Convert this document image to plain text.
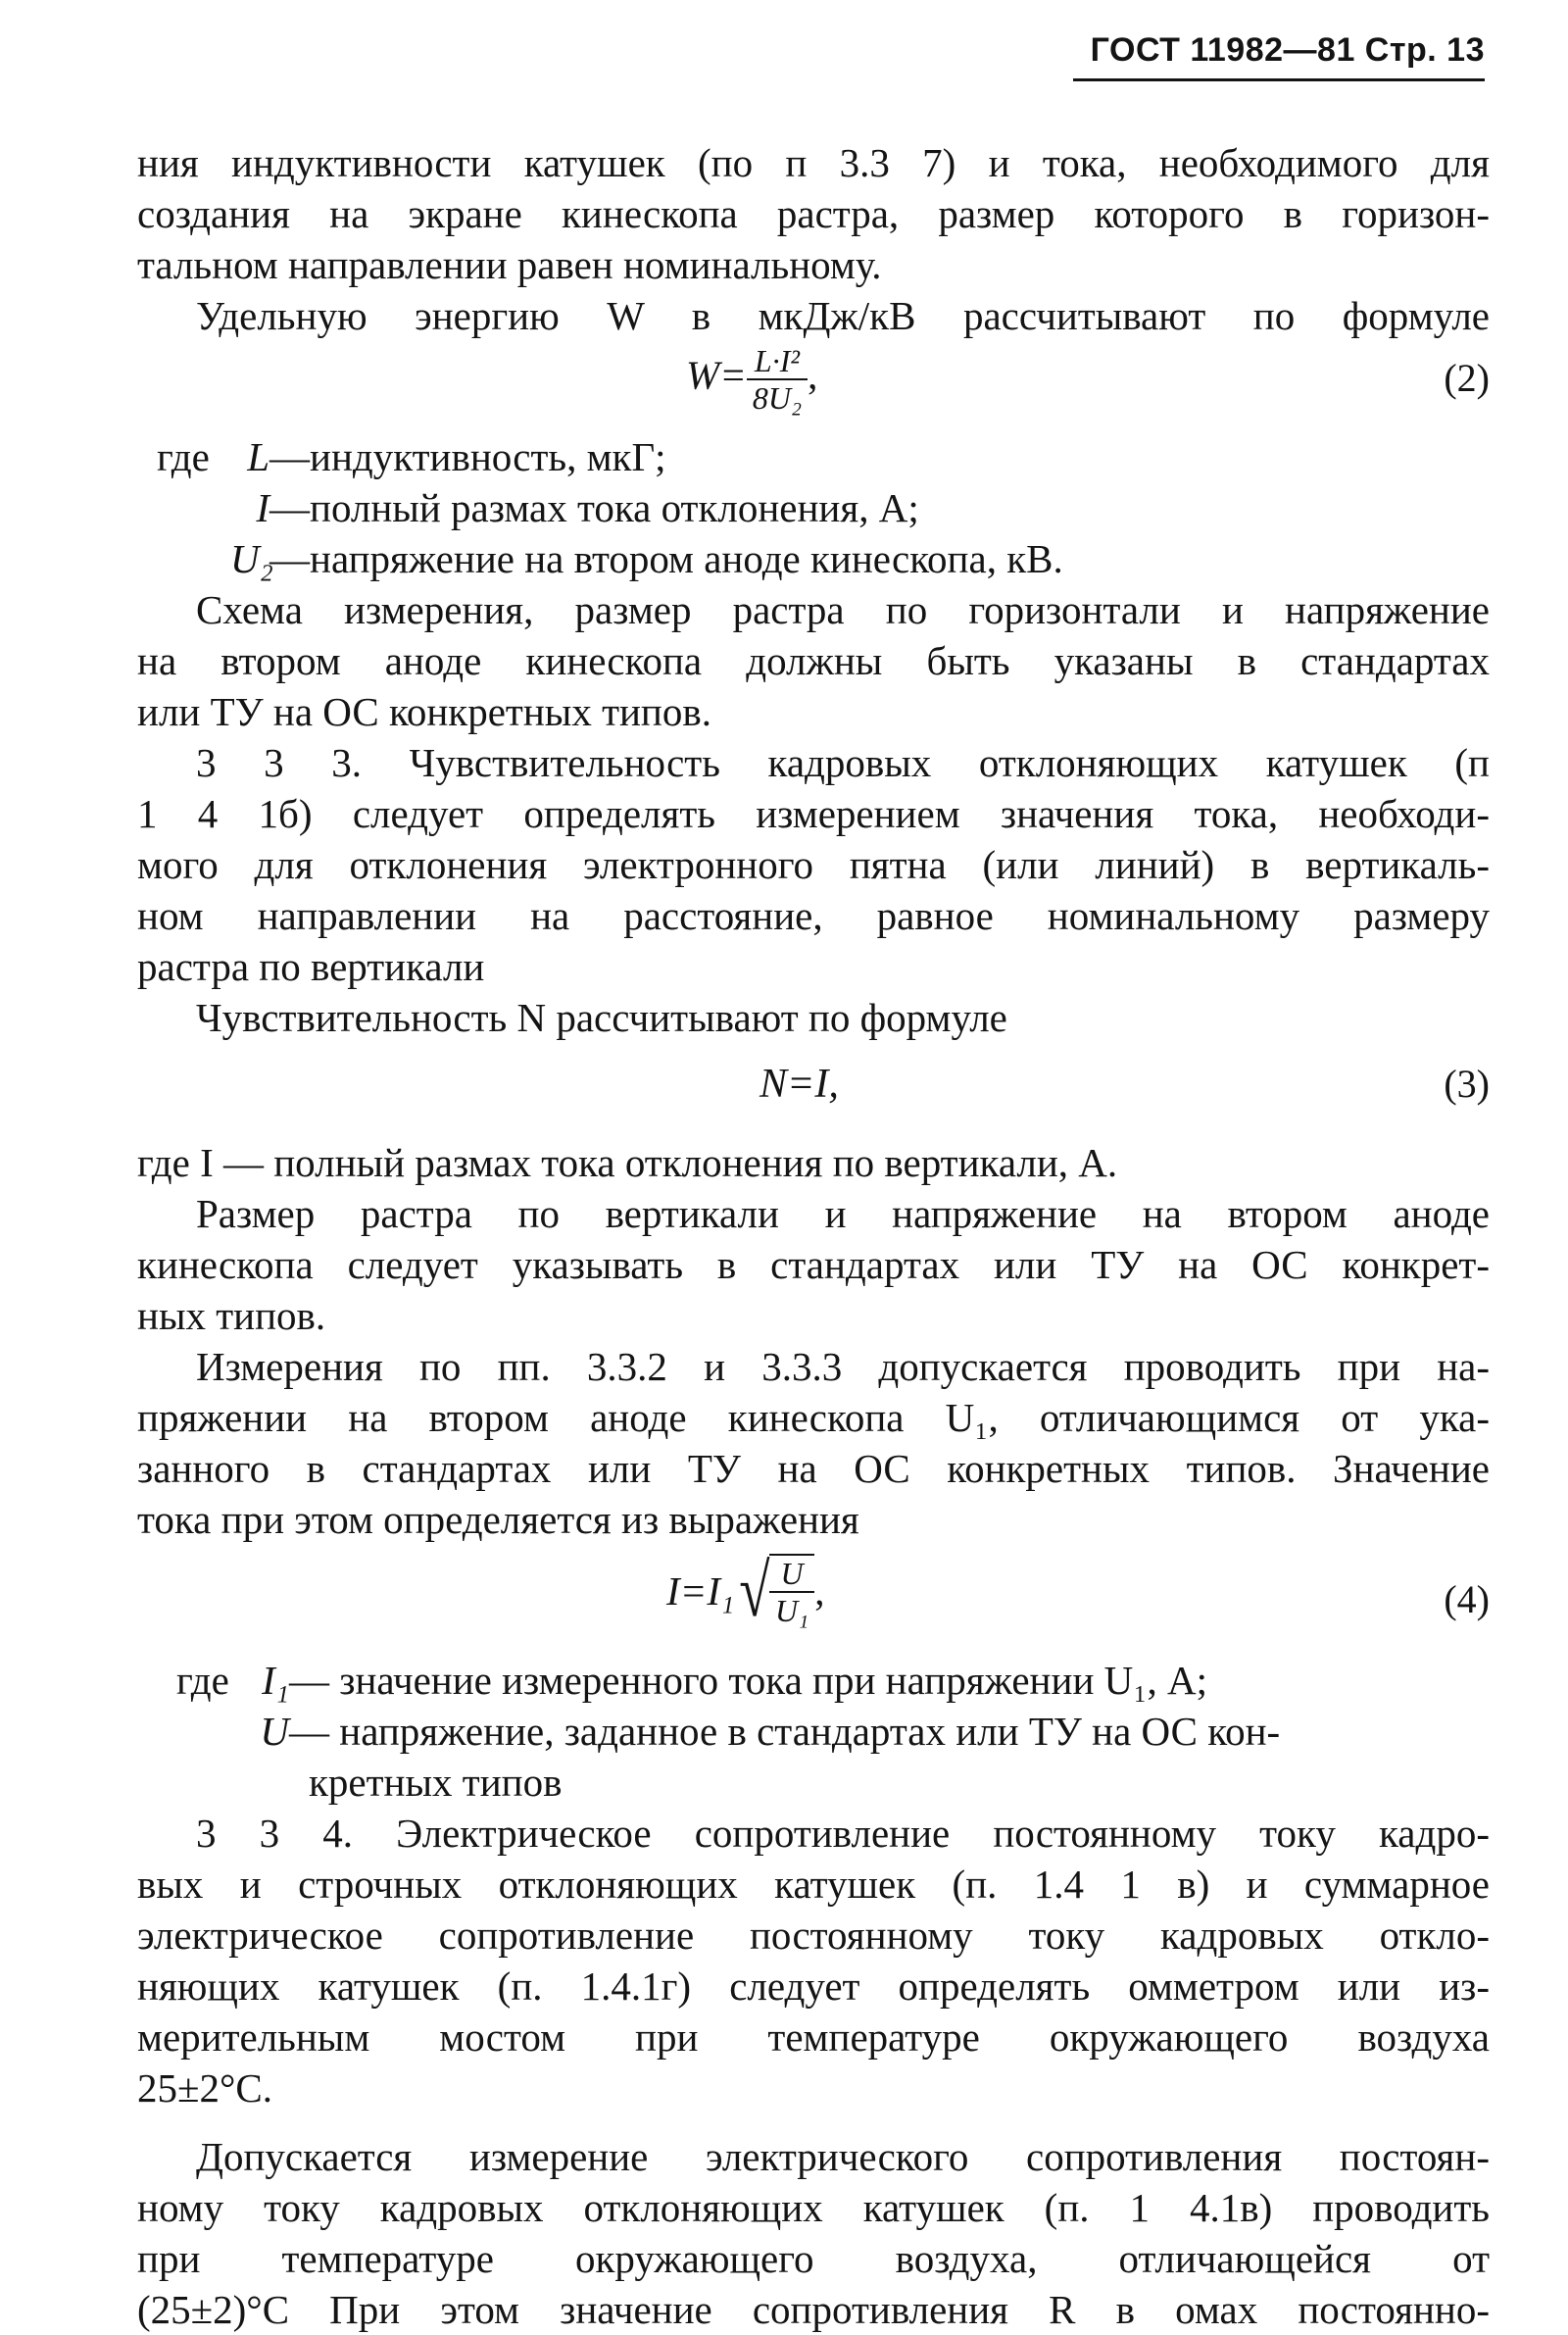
ГОСТ 11982—81 Стр. 13
ния индуктивности катушек (по п 3.3 7) и тока, необходимого для
создания на экране кинескопа растра, размер которого в горизон-
тальном направлении равен номинальному.
Удельную энергию W в мкДж/кВ рассчитывают по формуле
$W= \frac{\text{L·I²}}{\text{8U₂}}$ ,	(2)
где L—индуктивность, мкГ;
I—полный размах тока отклонения, А;
U₂—напряжение на втором аноде кинескопа, кВ.
Схема измерения, размер растра по горизонтали и напряжение
на втором аноде кинескопа должны быть указаны в стандартах
или ТУ на ОС конкретных типов.
3 3 3. Чувствительность кадровых отклоняющих катушек (п
1 4 1б) следует определять измерением значения тока, необходи-
мого для отклонения электронного пятна (или линий) в вертикаль-
ном направлении на расстояние, равное номинальному размеру
растра по вертикали
Чувствительность N рассчитывают по формуле
N=I,	(3)
где I — полный размах тока отклонения по вертикали, А.
Размер растра по вертикали и напряжение на втором аноде
кинескопа следует указывать в стандартах или ТУ на ОС конкрет-
ных типов.
Измерения по пп. 3.3.2 и 3.3.3 допускается проводить при на-
пряжении на втором аноде кинескопа U₁, отличающимся от ука-
занного в стандартах или ТУ на ОС конкретных типов. Значение
тока при этом определяется из выражения
$I=I_1√ \frac{U}{\text{U₁}}$ ,	(4)
где I₁— значение измеренного тока при напряжении U₁, А;
U— напряжение, заданное в стандартах или ТУ на ОС кон-
кретных типов
3 3 4. Электрическое сопротивление постоянному току кадро-
вых и строчных отклоняющих катушек (п. 1.4 1 в) и суммарное
электрическое сопротивление постоянному току кадровых откло-
няющих катушек (п. 1.4.1г) следует определять омметром или из-
мерительным мостом при температуре окружающего воздуха
25±2°С.
Допускается измерение электрического сопротивления постоян-
ному току кадровых отклоняющих катушек (п. 1 4.1в) проводить
при температуре окружающего воздуха, отличающейся от
(25±2)°С При этом значение сопротивления R в омах постоянно-
